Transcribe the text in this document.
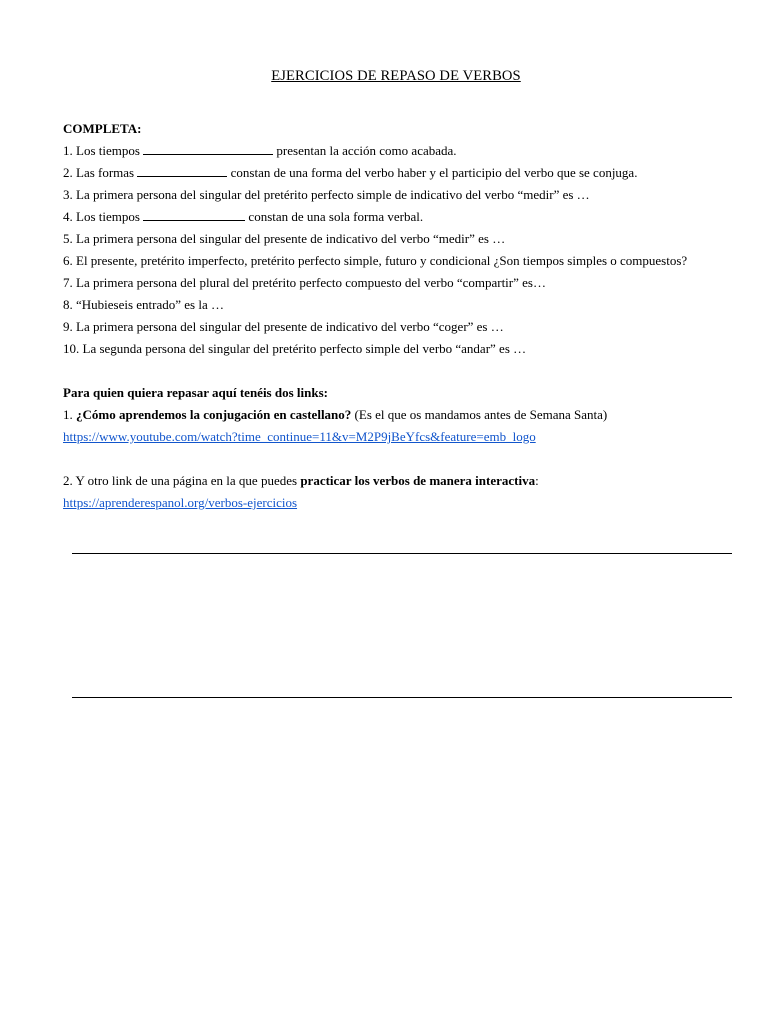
EJERCICIOS DE REPASO DE VERBOS
COMPLETA:
1. Los tiempos	presentan la acción como acabada.
2. Las formas	constan de una forma del verbo haber y el participio del verbo que se conjuga.
3. La primera persona del singular del pretérito perfecto simple de indicativo del verbo “medir” es …
4. Los tiempos	constan de una sola forma verbal.
5. La primera persona del singular del presente de indicativo del verbo “medir” es …
6. El presente, pretérito imperfecto, pretérito perfecto simple, futuro y condicional ¿Son tiempos simples o compuestos?
7. La primera persona del plural del pretérito perfecto compuesto del verbo “compartir” es…
8. “Hubieseis entrado” es la …
9. La primera persona del singular del presente de indicativo del verbo “coger” es …
10. La segunda persona del singular del pretérito perfecto simple del verbo “andar” es …
Para quien quiera repasar aquí tenéis dos links:
1. ¿Cómo aprendemos la conjugación en castellano? (Es el que os mandamos antes de Semana Santa)
https://www.youtube.com/watch?time_continue=11&v=M2P9jBeYfcs&feature=emb_logo
2. Y otro link de una página en la que puedes practicar los verbos de manera interactiva:
https://aprenderespanol.org/verbos-ejercicios
